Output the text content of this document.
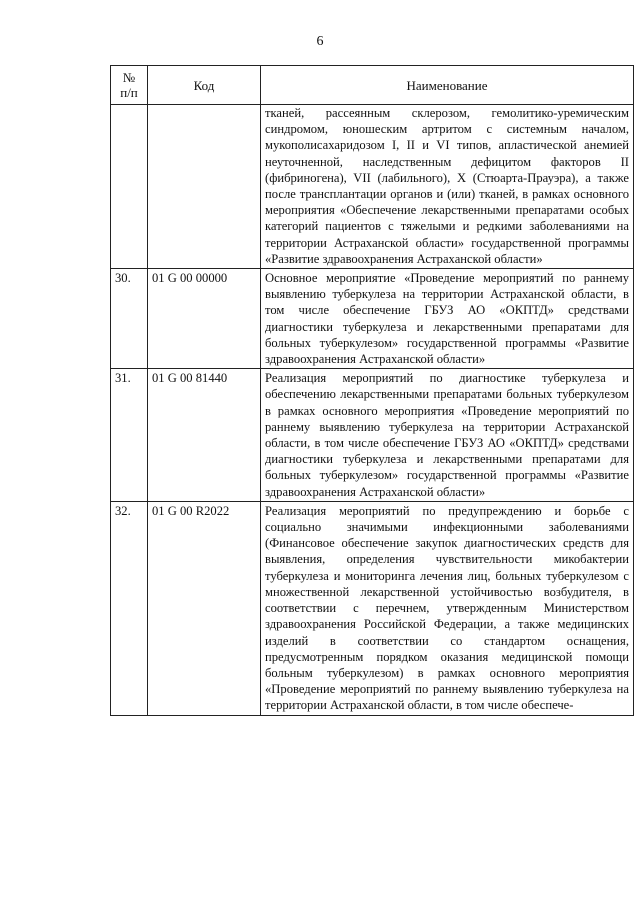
6
№
п/п	Код	Наименование
		тканей, рассеянным склерозом, гемолитико-уремическим синдромом, юношеским артритом с системным началом, мукополисахаридозом I, II и VI типов, апластической анемией неуточненной, наследственным дефицитом факторов II (фибриногена), VII (лабильного), X (Стюарта-Прауэра), а также после трансплантации органов и (или) тканей, в рамках основного мероприятия «Обеспечение лекарственными препаратами особых категорий пациентов с тяжелыми и редкими заболеваниями на территории Астраханской области» государственной программы «Развитие здравоохранения Астраханской области»
30.	01 G 00 00000	Основное мероприятие «Проведение мероприятий по раннему выявлению туберкулеза на территории Астраханской области, в том числе обеспечение ГБУЗ АО «ОКПТД» средствами диагностики туберкулеза и лекарственными препаратами для больных туберкулезом» государственной программы «Развитие здравоохранения Астраханской области»
31.	01 G 00 81440	Реализация мероприятий по диагностике туберкулеза и обеспечению лекарственными препаратами больных туберкулезом в рамках основного мероприятия «Проведение мероприятий по раннему выявлению туберкулеза на территории Астраханской области, в том числе обеспечение ГБУЗ АО «ОКПТД» средствами диагностики туберкулеза и лекарственными препаратами для больных туберкулезом» государственной программы «Развитие здравоохранения Астраханской области»
32.	01 G 00 R2022	Реализация мероприятий по предупреждению и борьбе с социально значимыми инфекционными заболеваниями (Финансовое обеспечение закупок диагностических средств для выявления, определения чувствительности микобактерии туберкулеза и мониторинга лечения лиц, больных туберкулезом с множественной лекарственной устойчивостью возбудителя, в соответствии с перечнем, утвержденным Министерством здравоохранения Российской Федерации, а также медицинских изделий в соответствии со стандартом оснащения, предусмотренным порядком оказания медицинской помощи больным туберкулезом) в рамках основного мероприятия «Проведение мероприятий по раннему выявлению туберкулеза на территории Астраханской области, в том числе обеспече-
